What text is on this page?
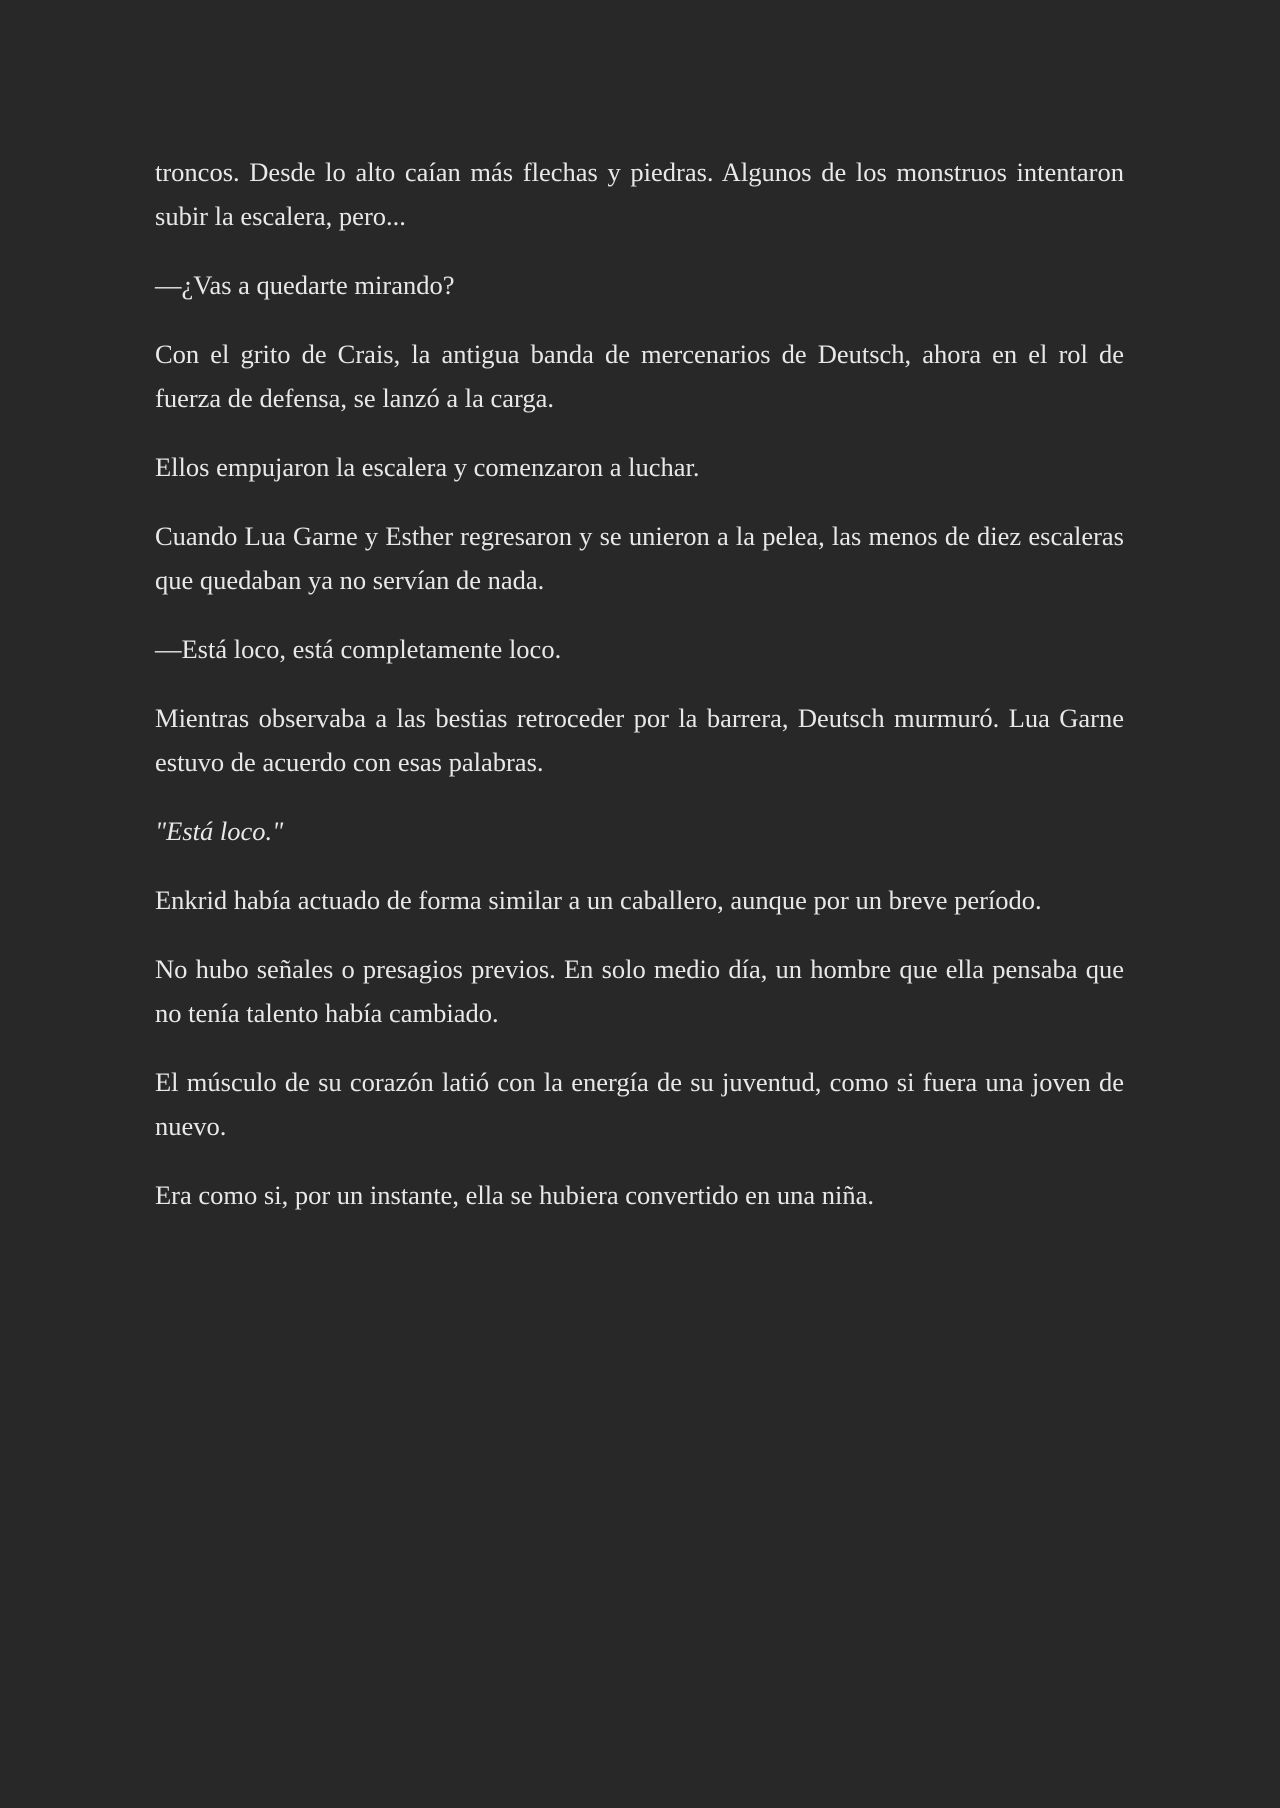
troncos. Desde lo alto caían más flechas y piedras. Algunos de los monstruos intentaron subir la escalera, pero...

—¿Vas a quedarte mirando?

Con el grito de Crais, la antigua banda de mercenarios de Deutsch, ahora en el rol de fuerza de defensa, se lanzó a la carga.

Ellos empujaron la escalera y comenzaron a luchar.

Cuando Lua Garne y Esther regresaron y se unieron a la pelea, las menos de diez escaleras que quedaban ya no servían de nada.

—Está loco, está completamente loco.

Mientras observaba a las bestias retroceder por la barrera, Deutsch murmuró. Lua Garne estuvo de acuerdo con esas palabras.

"Está loco."

Enkrid había actuado de forma similar a un caballero, aunque por un breve período.

No hubo señales o presagios previos. En solo medio día, un hombre que ella pensaba que no tenía talento había cambiado.

El músculo de su corazón latió con la energía de su juventud, como si fuera una joven de nuevo.

Era como si, por un instante, ella se hubiera convertido en una niña.
